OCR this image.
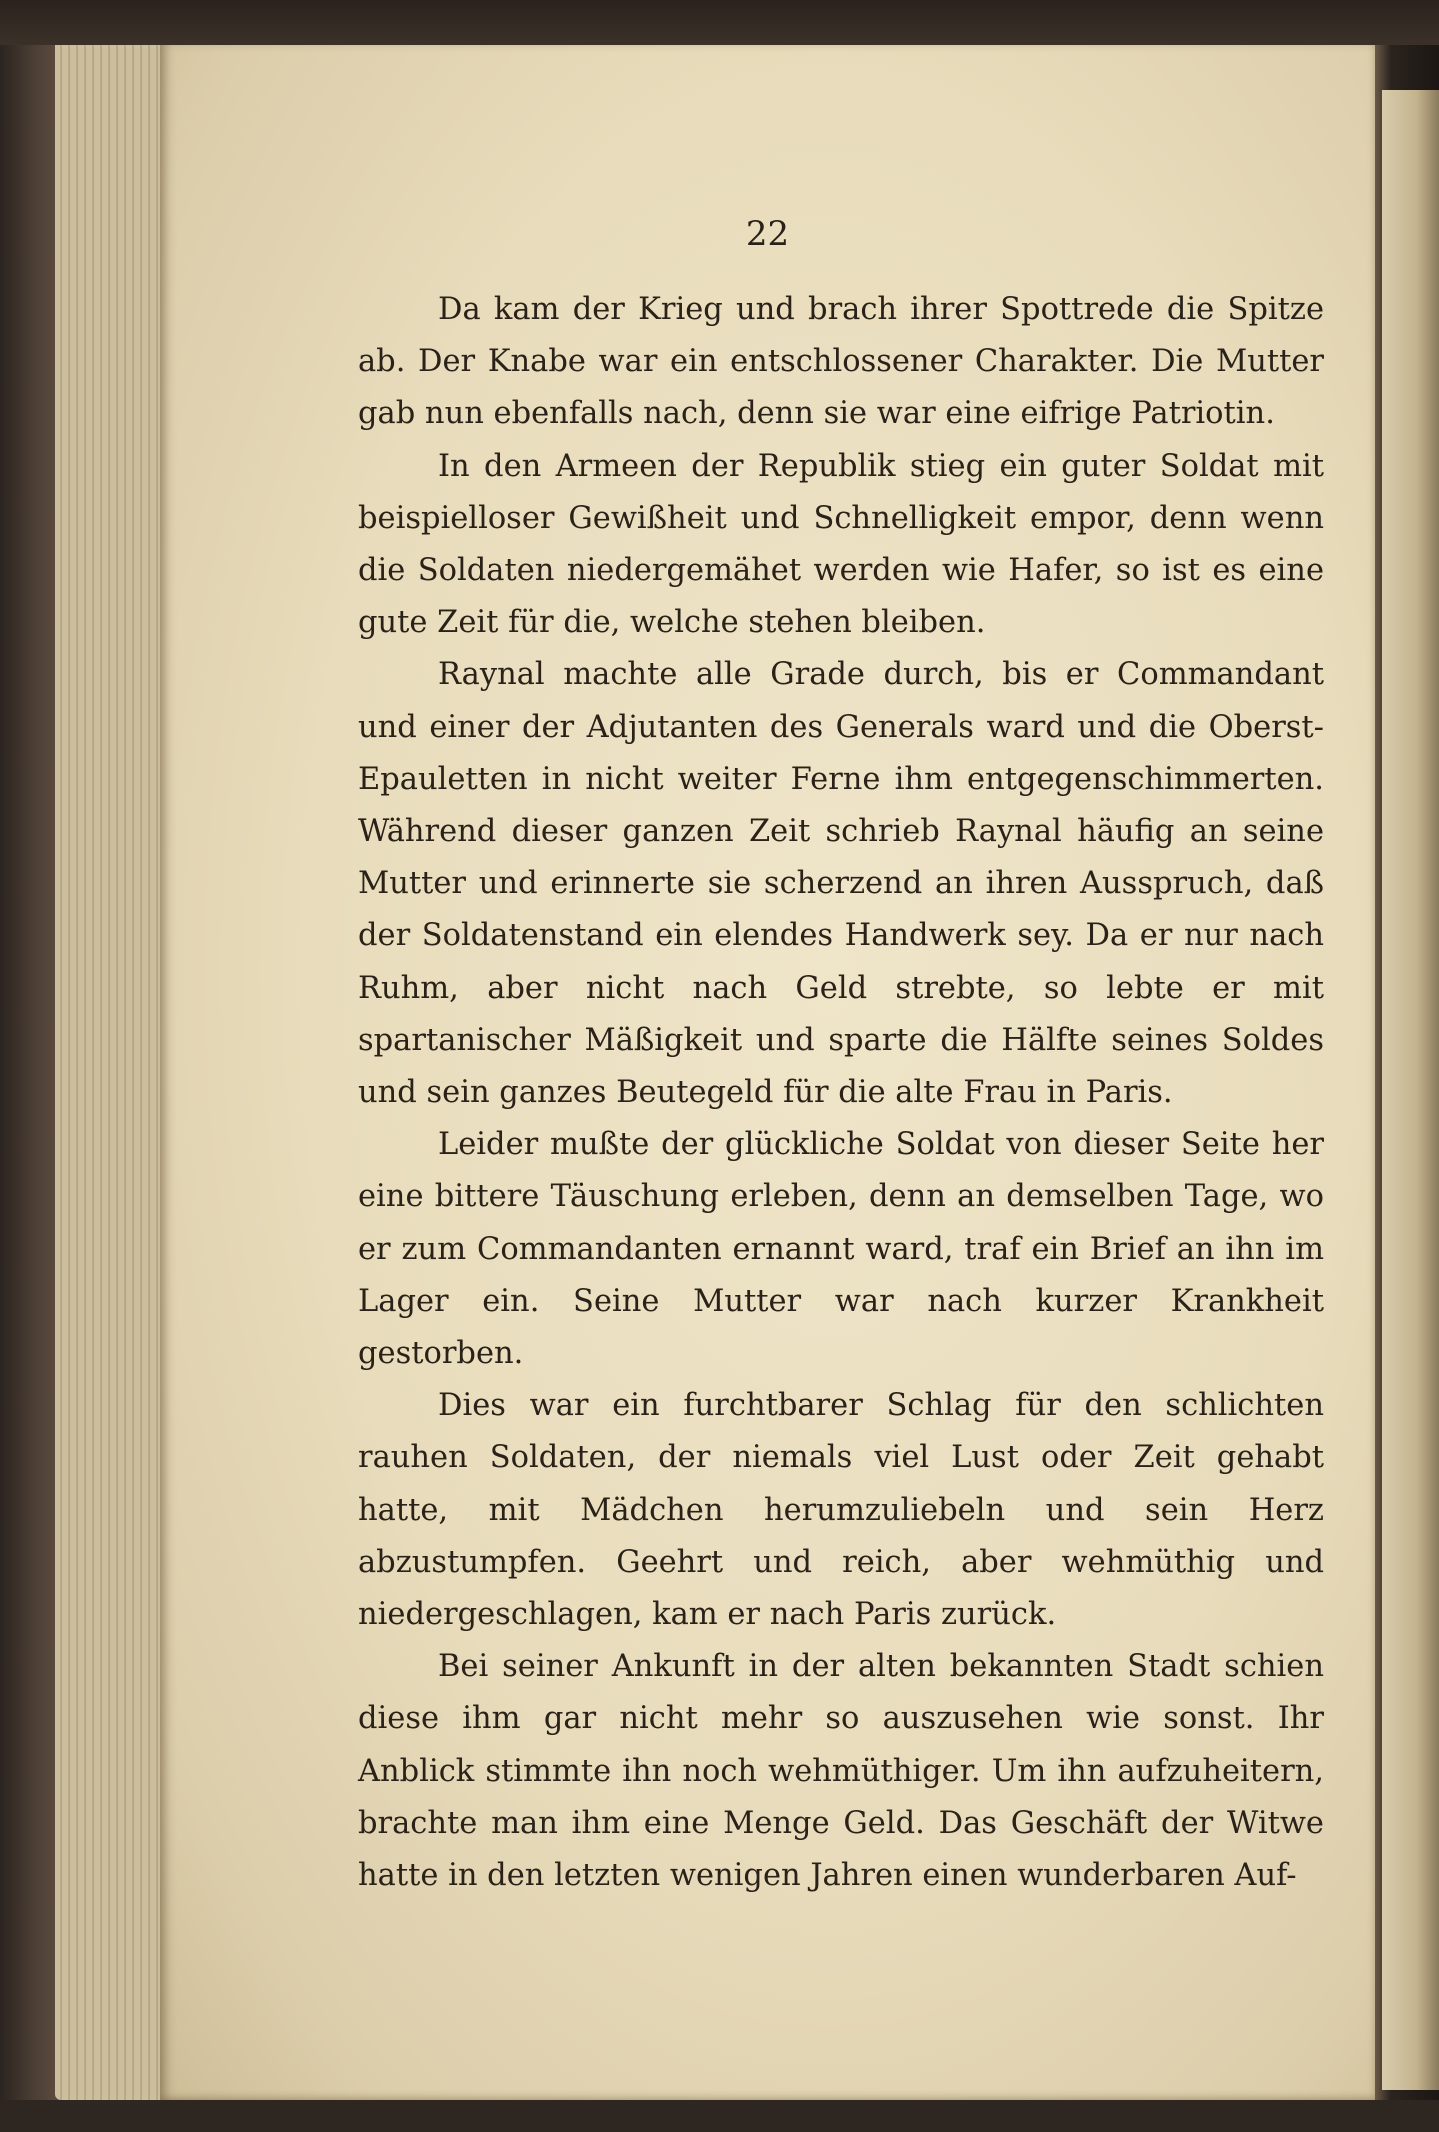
22

Da kam der Krieg und brach ihrer Spottrede die Spitze ab. Der Knabe war ein entschlossener Charakter. Die Mutter gab nun ebenfalls nach, denn sie war eine eifrige Patriotin.

In den Armeen der Republik stieg ein guter Soldat mit beispielloser Gewißheit und Schnelligkeit empor, denn wenn die Soldaten niedergemähet werden wie Hafer, so ist es eine gute Zeit für die, welche stehen bleiben.

Raynal machte alle Grade durch, bis er Commandant und einer der Adjutanten des Generals ward und die Oberst-Epauletten in nicht weiter Ferne ihm entgegenschimmerten. Während dieser ganzen Zeit schrieb Raynal häufig an seine Mutter und erinnerte sie scherzend an ihren Ausspruch, daß der Soldatenstand ein elendes Handwerk sey. Da er nur nach Ruhm, aber nicht nach Geld strebte, so lebte er mit spartanischer Mäßigkeit und sparte die Hälfte seines Soldes und sein ganzes Beutegeld für die alte Frau in Paris.

Leider mußte der glückliche Soldat von dieser Seite her eine bittere Täuschung erleben, denn an demselben Tage, wo er zum Commandanten ernannt ward, traf ein Brief an ihn im Lager ein. Seine Mutter war nach kurzer Krankheit gestorben.

Dies war ein furchtbarer Schlag für den schlichten rauhen Soldaten, der niemals viel Lust oder Zeit gehabt hatte, mit Mädchen herumzuliebeln und sein Herz abzustumpfen. Geehrt und reich, aber wehmüthig und niedergeschlagen, kam er nach Paris zurück.

Bei seiner Ankunft in der alten bekannten Stadt schien diese ihm gar nicht mehr so auszusehen wie sonst. Ihr Anblick stimmte ihn noch wehmüthiger. Um ihn aufzuheitern, brachte man ihm eine Menge Geld. Das Geschäft der Witwe hatte in den letzten wenigen Jahren einen wunderbaren Auf-
